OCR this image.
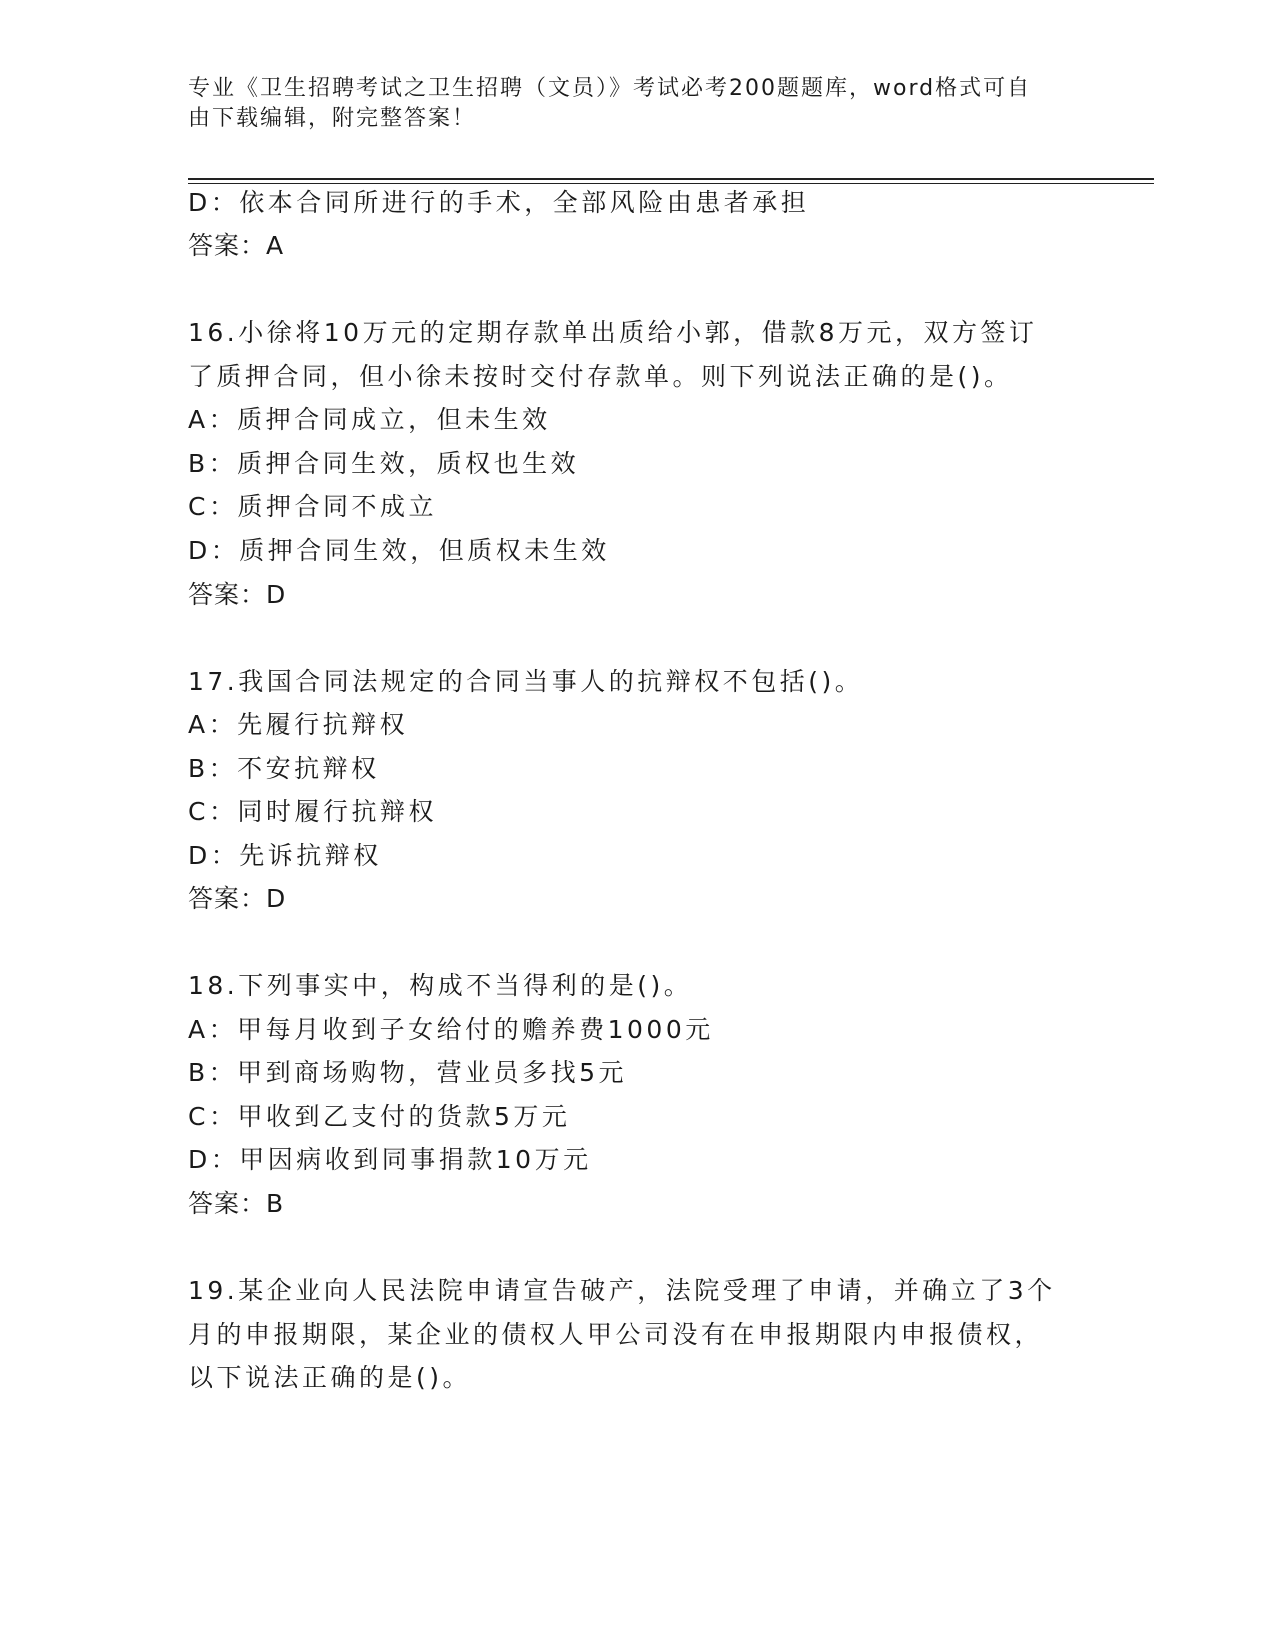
专业《卫生招聘考试之卫生招聘（文员）》考试必考200题题库，word格式可自
由下载编辑，附完整答案！
D：依本合同所进行的手术，全部风险由患者承担
答案：A
16.小徐将10万元的定期存款单出质给小郭，借款8万元，双方签订
了质押合同，但小徐未按时交付存款单。则下列说法正确的是()。
A：质押合同成立，但未生效
B：质押合同生效，质权也生效
C：质押合同不成立
D：质押合同生效，但质权未生效
答案：D
17.我国合同法规定的合同当事人的抗辩权不包括()。
A：先履行抗辩权
B：不安抗辩权
C：同时履行抗辩权
D：先诉抗辩权
答案：D
18.下列事实中，构成不当得利的是()。
A：甲每月收到子女给付的赡养费1000元
B：甲到商场购物，营业员多找5元
C：甲收到乙支付的货款5万元
D：甲因病收到同事捐款10万元
答案：B
19.某企业向人民法院申请宣告破产，法院受理了申请，并确立了3个
月的申报期限，某企业的债权人甲公司没有在申报期限内申报债权，
以下说法正确的是()。
